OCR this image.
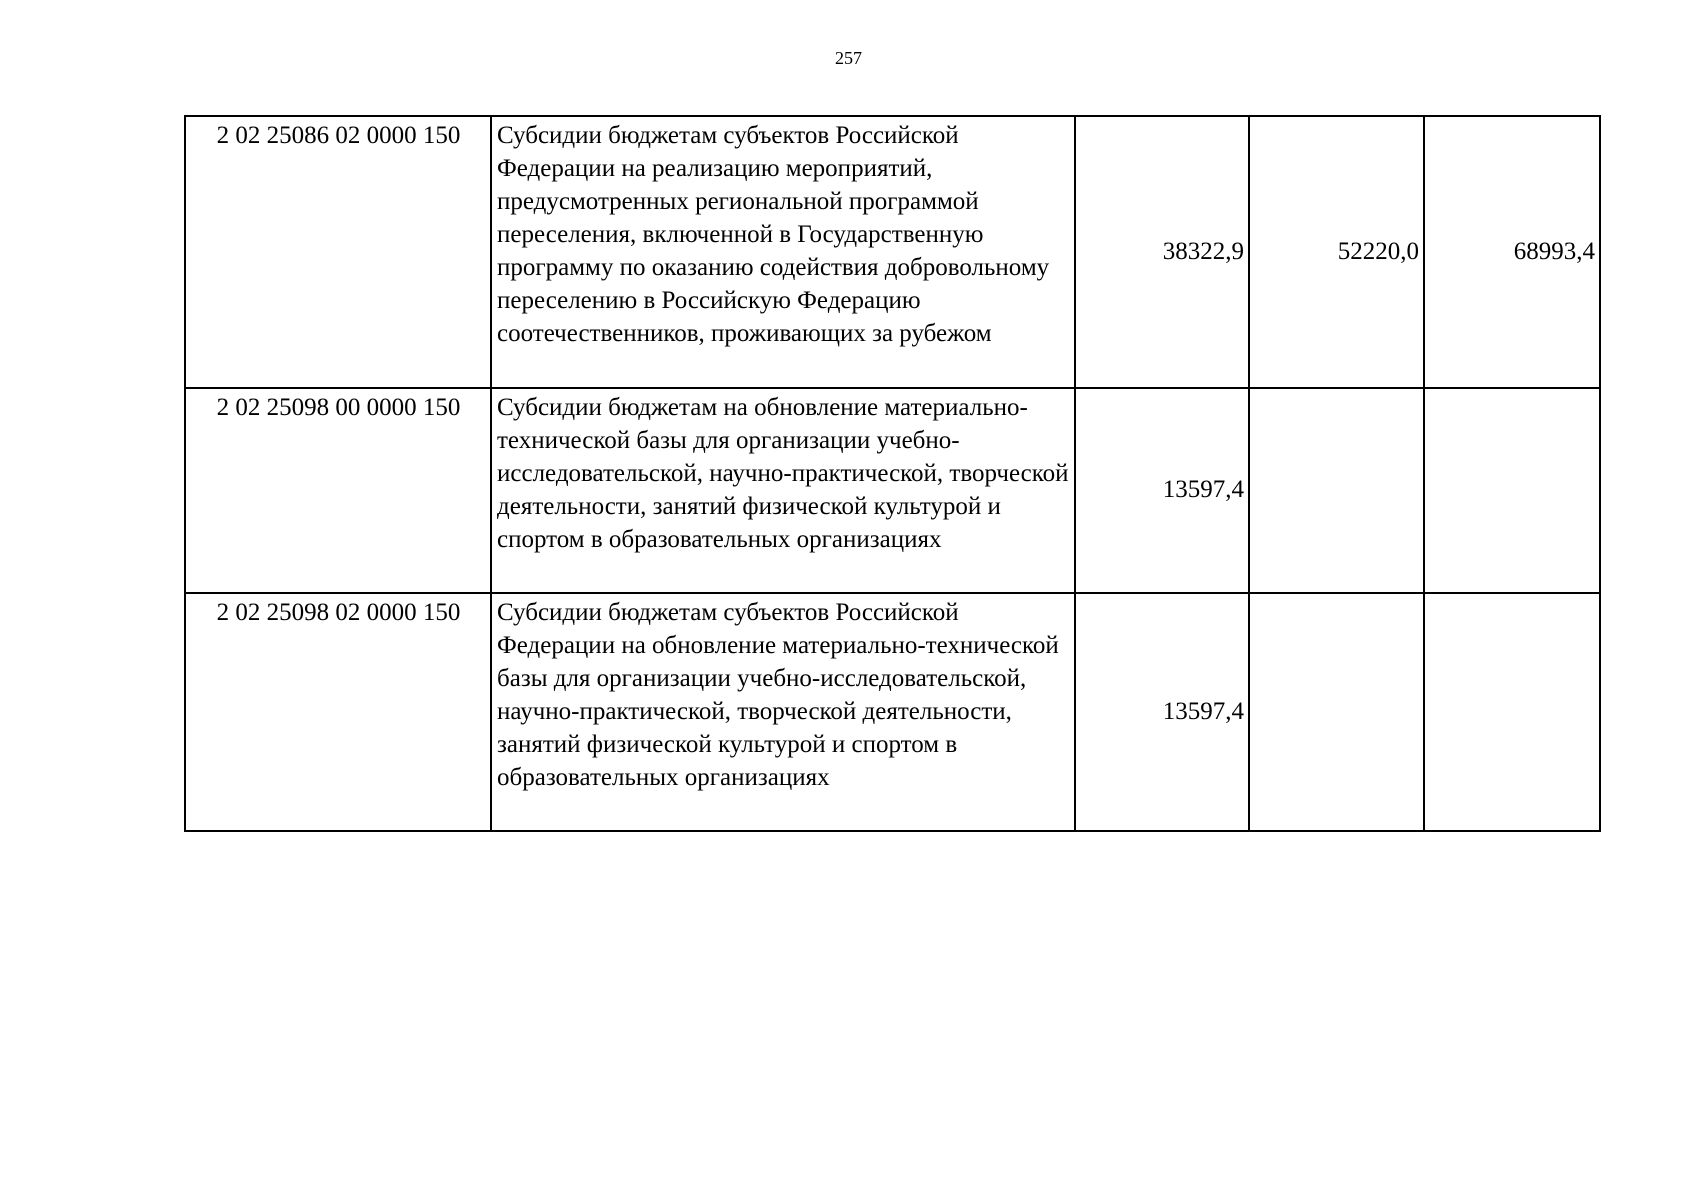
257
2 02 25086 02 0000 150	Субсидии бюджетам субъектов Российской Федерации на реализацию мероприятий, предусмотренных региональной программой переселения, включенной в Государственную программу по оказанию содействия добровольному переселению в Российскую Федерацию соотечественников, проживающих за рубежом	38322,9	52220,0	68993,4
2 02 25098 00 0000 150	Субсидии бюджетам на обновление материально-технической базы для организации учебно-исследовательской, научно-практической, творческой деятельности, занятий физической культурой и спортом в образовательных организациях	13597,4		
2 02 25098 02 0000 150	Субсидии бюджетам субъектов Российской Федерации на обновление материально-технической базы для организации учебно-исследовательской, научно-практической, творческой деятельности, занятий физической культурой и спортом в образовательных организациях	13597,4		
